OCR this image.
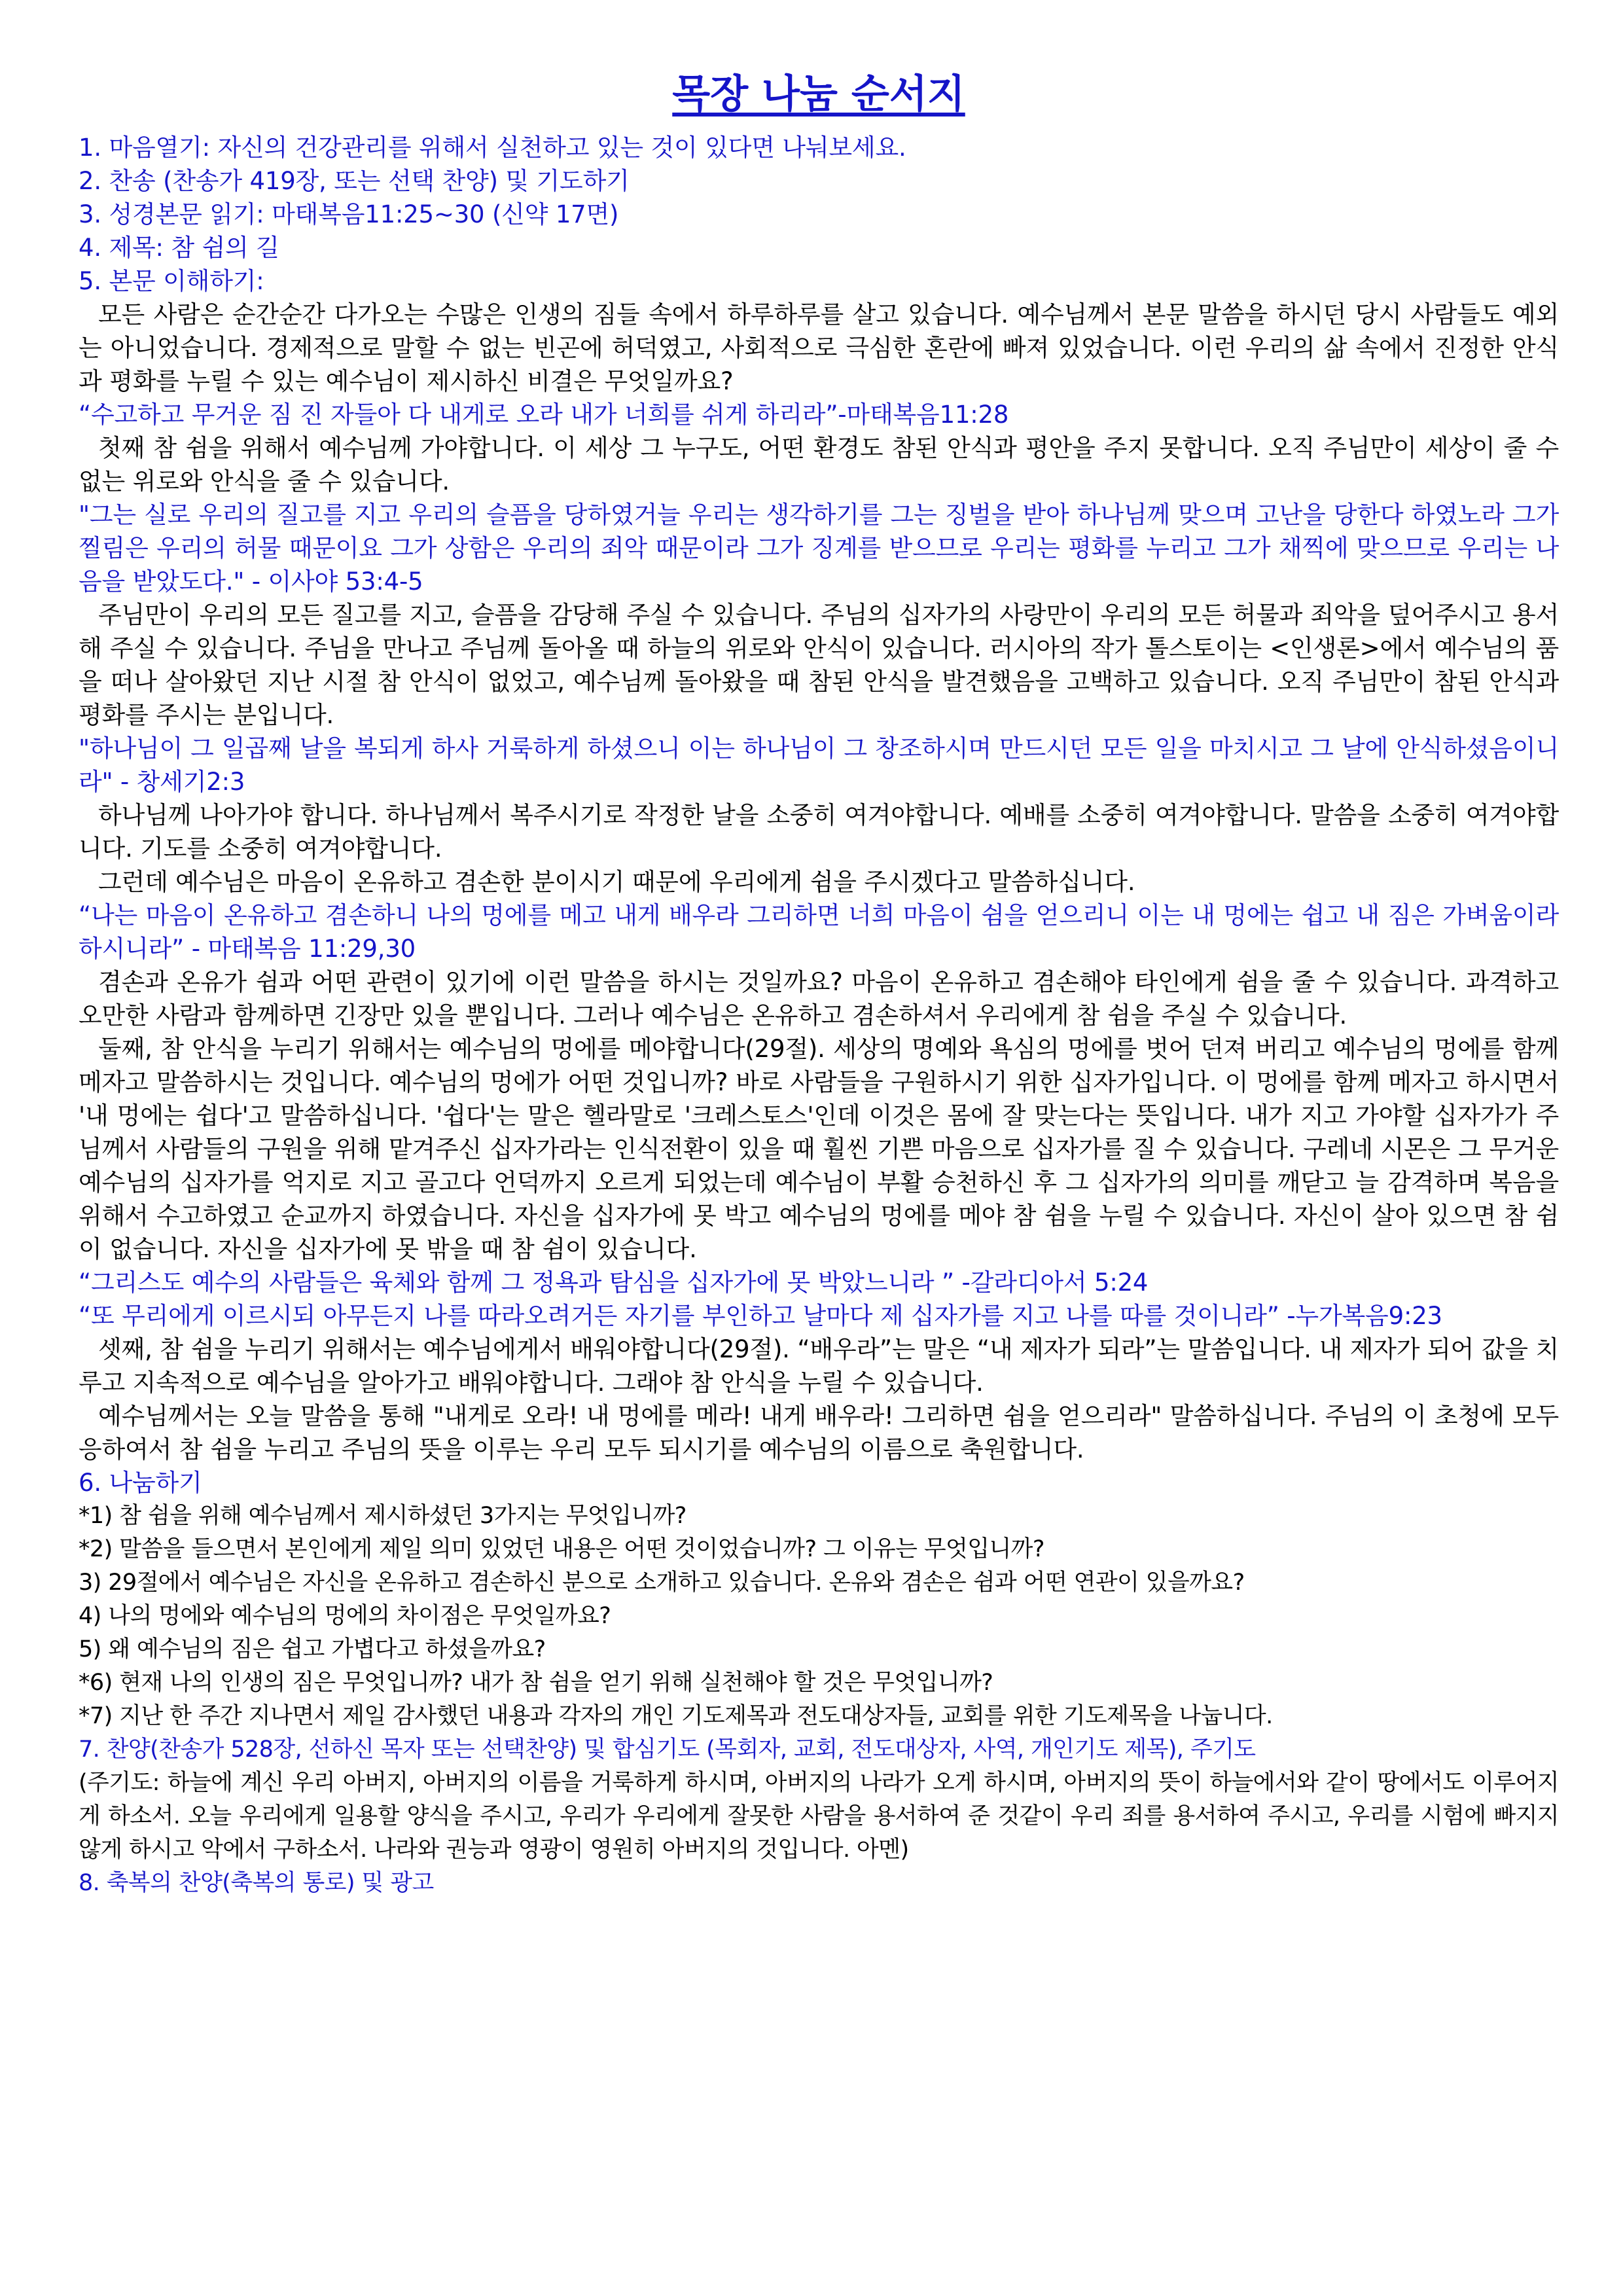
목장 나눔 순서지

1. 마음열기: 자신의 건강관리를 위해서 실천하고 있는 것이 있다면 나눠보세요.

2. 찬송 (찬송가 419장, 또는 선택 찬양) 및 기도하기

3. 성경본문 읽기: 마태복음11:25~30 (신약 17면)

4. 제목: 참 쉼의 길

5. 본문 이해하기:

모든 사람은 순간순간 다가오는 수많은 인생의 짐들 속에서 하루하루를 살고 있습니다. 예수님께서 본문 말씀을 하시던 당시 사람들도 예외는 아니었습니다. 경제적으로 말할 수 없는 빈곤에 허덕였고, 사회적으로 극심한 혼란에 빠져 있었습니다. 이런 우리의 삶 속에서 진정한 안식과 평화를 누릴 수 있는 예수님이 제시하신 비결은 무엇일까요?

“수고하고 무거운 짐 진 자들아 다 내게로 오라 내가 너희를 쉬게 하리라”-마태복음11:28

첫째 참 쉼을 위해서 예수님께 가야합니다. 이 세상 그 누구도, 어떤 환경도 참된 안식과 평안을 주지 못합니다. 오직 주님만이 세상이 줄 수 없는 위로와 안식을 줄 수 있습니다.

"그는 실로 우리의 질고를 지고 우리의 슬픔을 당하였거늘 우리는 생각하기를 그는 징벌을 받아 하나님께 맞으며 고난을 당한다 하였노라 그가 찔림은 우리의 허물 때문이요 그가 상함은 우리의 죄악 때문이라 그가 징계를 받으므로 우리는 평화를 누리고 그가 채찍에 맞으므로 우리는 나음을 받았도다." - 이사야 53:4-5

주님만이 우리의 모든 질고를 지고, 슬픔을 감당해 주실 수 있습니다. 주님의 십자가의 사랑만이 우리의 모든 허물과 죄악을 덮어주시고 용서해 주실 수 있습니다. 주님을 만나고 주님께 돌아올 때 하늘의 위로와 안식이 있습니다. 러시아의 작가 톨스토이는 <인생론>에서 예수님의 품을 떠나 살아왔던 지난 시절 참 안식이 없었고, 예수님께 돌아왔을 때 참된 안식을 발견했음을 고백하고 있습니다. 오직 주님만이 참된 안식과 평화를 주시는 분입니다.

"하나님이 그 일곱째 날을 복되게 하사 거룩하게 하셨으니 이는 하나님이 그 창조하시며 만드시던 모든 일을 마치시고 그 날에 안식하셨음이니라" - 창세기2:3

하나님께 나아가야 합니다. 하나님께서 복주시기로 작정한 날을 소중히 여겨야합니다. 예배를 소중히 여겨야합니다. 말씀을 소중히 여겨야합니다. 기도를 소중히 여겨야합니다.

그런데 예수님은 마음이 온유하고 겸손한 분이시기 때문에 우리에게 쉼을 주시겠다고 말씀하십니다.

“나는 마음이 온유하고 겸손하니 나의 멍에를 메고 내게 배우라 그리하면 너희 마음이 쉼을 얻으리니 이는 내 멍에는 쉽고 내 짐은 가벼움이라 하시니라” - 마태복음 11:29,30

겸손과 온유가 쉼과 어떤 관련이 있기에 이런 말씀을 하시는 것일까요? 마음이 온유하고 겸손해야 타인에게 쉼을 줄 수 있습니다. 과격하고 오만한 사람과 함께하면 긴장만 있을 뿐입니다. 그러나 예수님은 온유하고 겸손하셔서 우리에게 참 쉼을 주실 수 있습니다.

둘째, 참 안식을 누리기 위해서는 예수님의 멍에를 메야합니다(29절). 세상의 명예와 욕심의 멍에를 벗어 던져 버리고 예수님의 멍에를 함께 메자고 말씀하시는 것입니다. 예수님의 멍에가 어떤 것입니까? 바로 사람들을 구원하시기 위한 십자가입니다. 이 멍에를 함께 메자고 하시면서 '내 멍에는 쉽다'고 말씀하십니다. '쉽다'는 말은 헬라말로 '크레스토스'인데 이것은 몸에 잘 맞는다는 뜻입니다. 내가 지고 가야할 십자가가 주님께서 사람들의 구원을 위해 맡겨주신 십자가라는 인식전환이 있을 때 훨씬 기쁜 마음으로 십자가를 질 수 있습니다. 구레네 시몬은 그 무거운 예수님의 십자가를 억지로 지고 골고다 언덕까지 오르게 되었는데 예수님이 부활 승천하신 후 그 십자가의 의미를 깨닫고 늘 감격하며 복음을 위해서 수고하였고 순교까지 하였습니다. 자신을 십자가에 못 박고 예수님의 멍에를 메야 참 쉼을 누릴 수 있습니다. 자신이 살아 있으면 참 쉼이 없습니다. 자신을 십자가에 못 밖을 때 참 쉼이 있습니다.

“그리스도 예수의 사람들은 육체와 함께 그 정욕과 탐심을 십자가에 못 박았느니라 ” -갈라디아서 5:24

“또 무리에게 이르시되 아무든지 나를 따라오려거든 자기를 부인하고 날마다 제 십자가를 지고 나를 따를 것이니라” -누가복음9:23

셋째, 참 쉼을 누리기 위해서는 예수님에게서 배워야합니다(29절). “배우라”는 말은 “내 제자가 되라”는 말씀입니다. 내 제자가 되어 값을 치루고 지속적으로 예수님을 알아가고 배워야합니다. 그래야 참 안식을 누릴 수 있습니다.

예수님께서는 오늘 말씀을 통해 "내게로 오라! 내 멍에를 메라! 내게 배우라! 그리하면 쉼을 얻으리라" 말씀하십니다. 주님의 이 초청에 모두 응하여서 참 쉼을 누리고 주님의 뜻을 이루는 우리 모두 되시기를 예수님의 이름으로 축원합니다.

6. 나눔하기

*1) 참 쉼을 위해 예수님께서 제시하셨던 3가지는 무엇입니까?

*2) 말씀을 들으면서 본인에게 제일 의미 있었던 내용은 어떤 것이었습니까? 그 이유는 무엇입니까?

3) 29절에서 예수님은 자신을 온유하고 겸손하신 분으로 소개하고 있습니다. 온유와 겸손은 쉼과 어떤 연관이 있을까요?

4) 나의 멍에와 예수님의 멍에의 차이점은 무엇일까요?

5) 왜 예수님의 짐은 쉽고 가볍다고 하셨을까요?

*6) 현재 나의 인생의 짐은 무엇입니까? 내가 참 쉼을 얻기 위해 실천해야 할 것은 무엇입니까?

*7) 지난 한 주간 지나면서 제일 감사했던 내용과 각자의 개인 기도제목과 전도대상자들, 교회를 위한 기도제목을 나눕니다.

7. 찬양(찬송가 528장, 선하신 목자 또는 선택찬양) 및 합심기도 (목회자, 교회, 전도대상자, 사역, 개인기도 제목), 주기도

(주기도: 하늘에 계신 우리 아버지, 아버지의 이름을 거룩하게 하시며, 아버지의 나라가 오게 하시며, 아버지의 뜻이 하늘에서와 같이 땅에서도 이루어지게 하소서. 오늘 우리에게 일용할 양식을 주시고, 우리가 우리에게 잘못한 사람을 용서하여 준 것같이 우리 죄를 용서하여 주시고, 우리를 시험에 빠지지 않게 하시고 악에서 구하소서. 나라와 권능과 영광이 영원히 아버지의 것입니다. 아멘)

8. 축복의 찬양(축복의 통로) 및 광고
